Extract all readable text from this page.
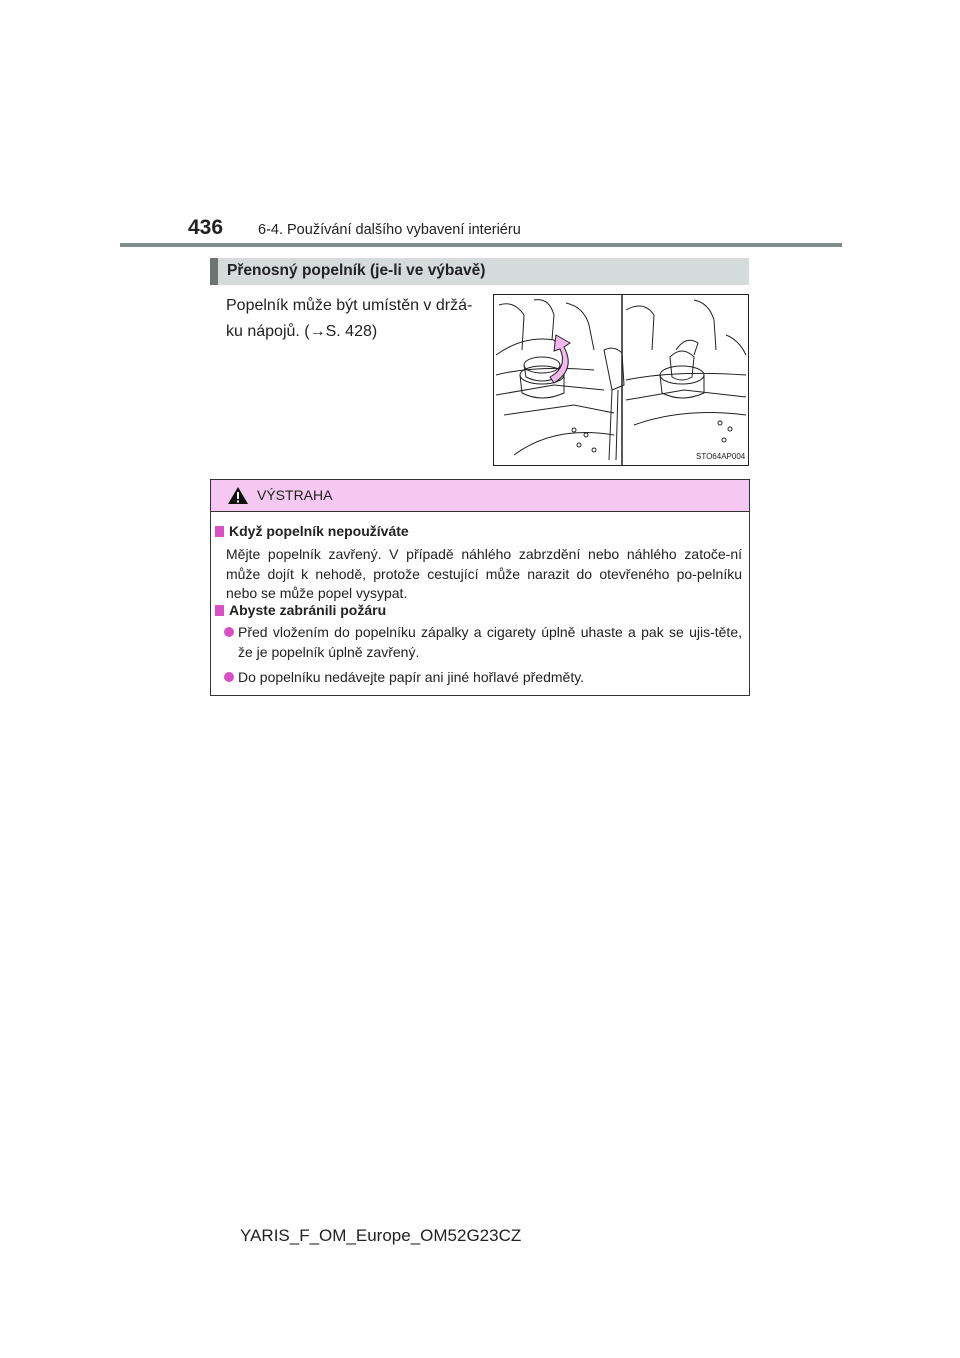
436 6-4. Používání dalšího vybavení interiéru
Přenosný popelník (je-li ve výbavě)
Popelník může být umístěn v držá-
ku nápojů. (→S. 428)
STO64AP004
VÝSTRAHA
Když popelník nepoužíváte
Mějte popelník zavřený. V případě náhlého zabrzdění nebo náhlého zatoče-ní může dojít k nehodě, protože cestující může narazit do otevřeného po-pelníku nebo se může popel vysypat.
Abyste zabránili požáru
Před vložením do popelníku zápalky a cigarety úplně uhaste a pak se ujis-těte, že je popelník úplně zavřený.
Do popelníku nedávejte papír ani jiné hořlavé předměty.
YARIS_F_OM_Europe_OM52G23CZ
